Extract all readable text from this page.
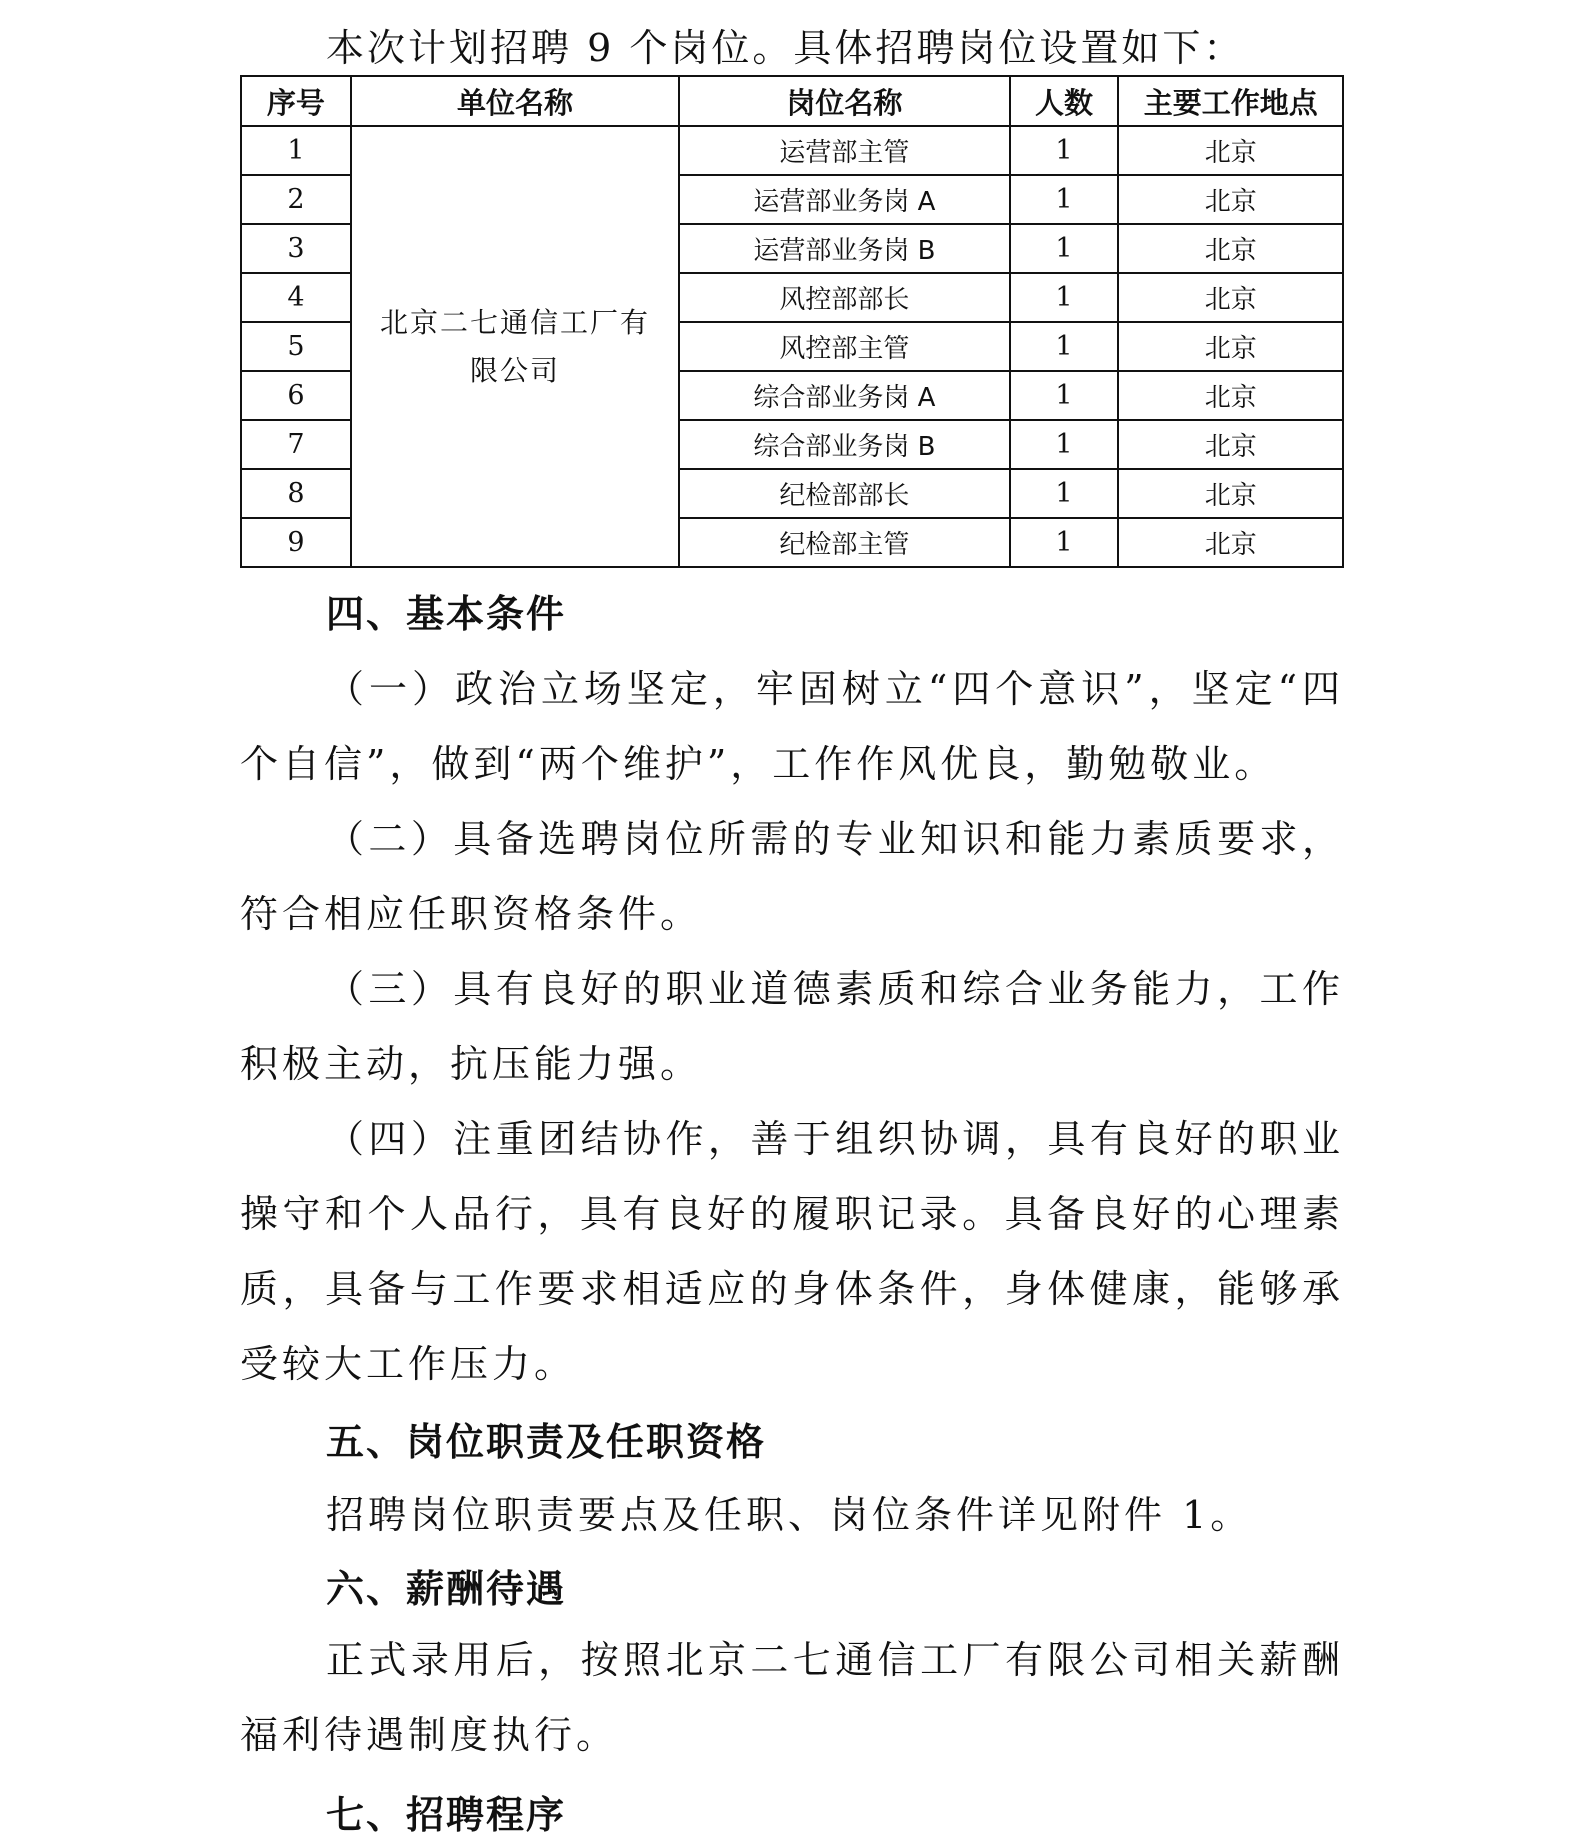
本次计划招聘 9 个岗位。具体招聘岗位设置如下：

序号	单位名称	岗位名称	人数	主要工作地点
1	北京二七通信工厂有限公司	运营部主管	1	北京
2		运营部业务岗 A	1	北京
3		运营部业务岗 B	1	北京
4		风控部部长	1	北京
5		风控部主管	1	北京
6		综合部业务岗 A	1	北京
7		综合部业务岗 B	1	北京
8		纪检部部长	1	北京
9		纪检部主管	1	北京
四、基本条件

（一）政治立场坚定，牢固树立“四个意识”，坚定“四个自信”，做到“两个维护”，工作作风优良，勤勉敬业。

（二）具备选聘岗位所需的专业知识和能力素质要求，符合相应任职资格条件。

（三）具有良好的职业道德素质和综合业务能力，工作积极主动，抗压能力强。

（四）注重团结协作，善于组织协调，具有良好的职业操守和个人品行，具有良好的履职记录。具备良好的心理素质，具备与工作要求相适应的身体条件，身体健康，能够承受较大工作压力。

五、岗位职责及任职资格

招聘岗位职责要点及任职、岗位条件详见附件 1。

六、薪酬待遇

正式录用后，按照北京二七通信工厂有限公司相关薪酬福利待遇制度执行。

七、招聘程序
